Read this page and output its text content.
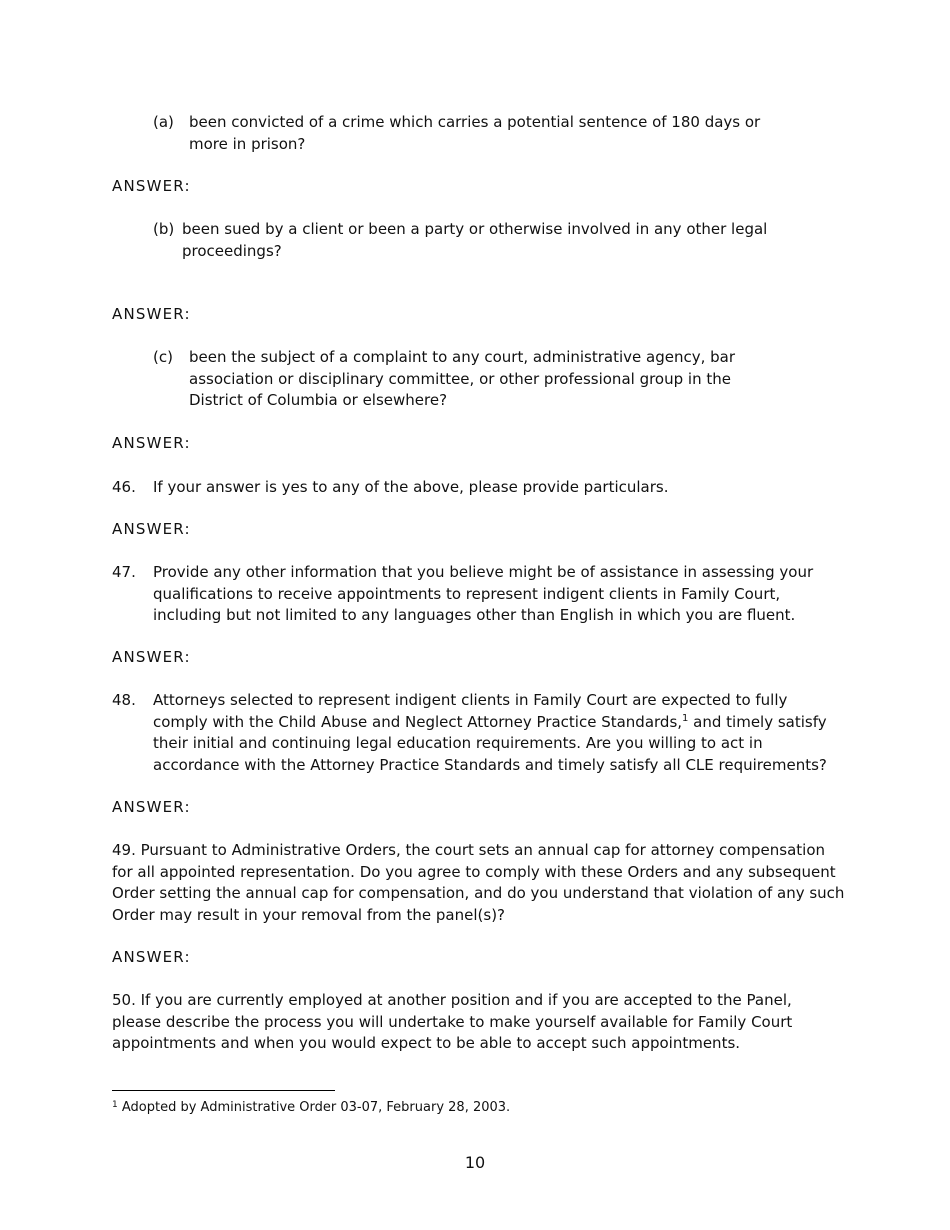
(a)	been convicted of a crime which carries a potential sentence of 180 days or
more in prison?
ANSWER:
(b) been sued by a client or been a party or otherwise involved in any other legal
proceedings?
ANSWER:
(c)	been the subject of a complaint to any court, administrative agency, bar
association or disciplinary committee, or other professional group in the
District of Columbia or elsewhere?
ANSWER:
46. If your answer is yes to any of the above, please provide particulars.
ANSWER:
47. Provide any other information that you believe might be of assistance in assessing your
qualifications to receive appointments to represent indigent clients in Family Court,
including but not limited to any languages other than English in which you are fluent.
ANSWER:
48. Attorneys selected to represent indigent clients in Family Court are expected to fully
comply with the Child Abuse and Neglect Attorney Practice Standards,$^1$ and timely satisfy
their initial and continuing legal education requirements. Are you willing to act in
accordance with the Attorney Practice Standards and timely satisfy all CLE requirements?
ANSWER:
49. Pursuant to Administrative Orders, the court sets an annual cap for attorney compensation
for all appointed representation. Do you agree to comply with these Orders and any subsequent
Order setting the annual cap for compensation, and do you understand that violation of any such
Order may result in your removal from the panel(s)?
ANSWER:
50. If you are currently employed at another position and if you are accepted to the Panel,
please describe the process you will undertake to make yourself available for Family Court
appointments and when you would expect to be able to accept such appointments.
$^1$ Adopted by Administrative Order 03-07, February 28, 2003.
10
